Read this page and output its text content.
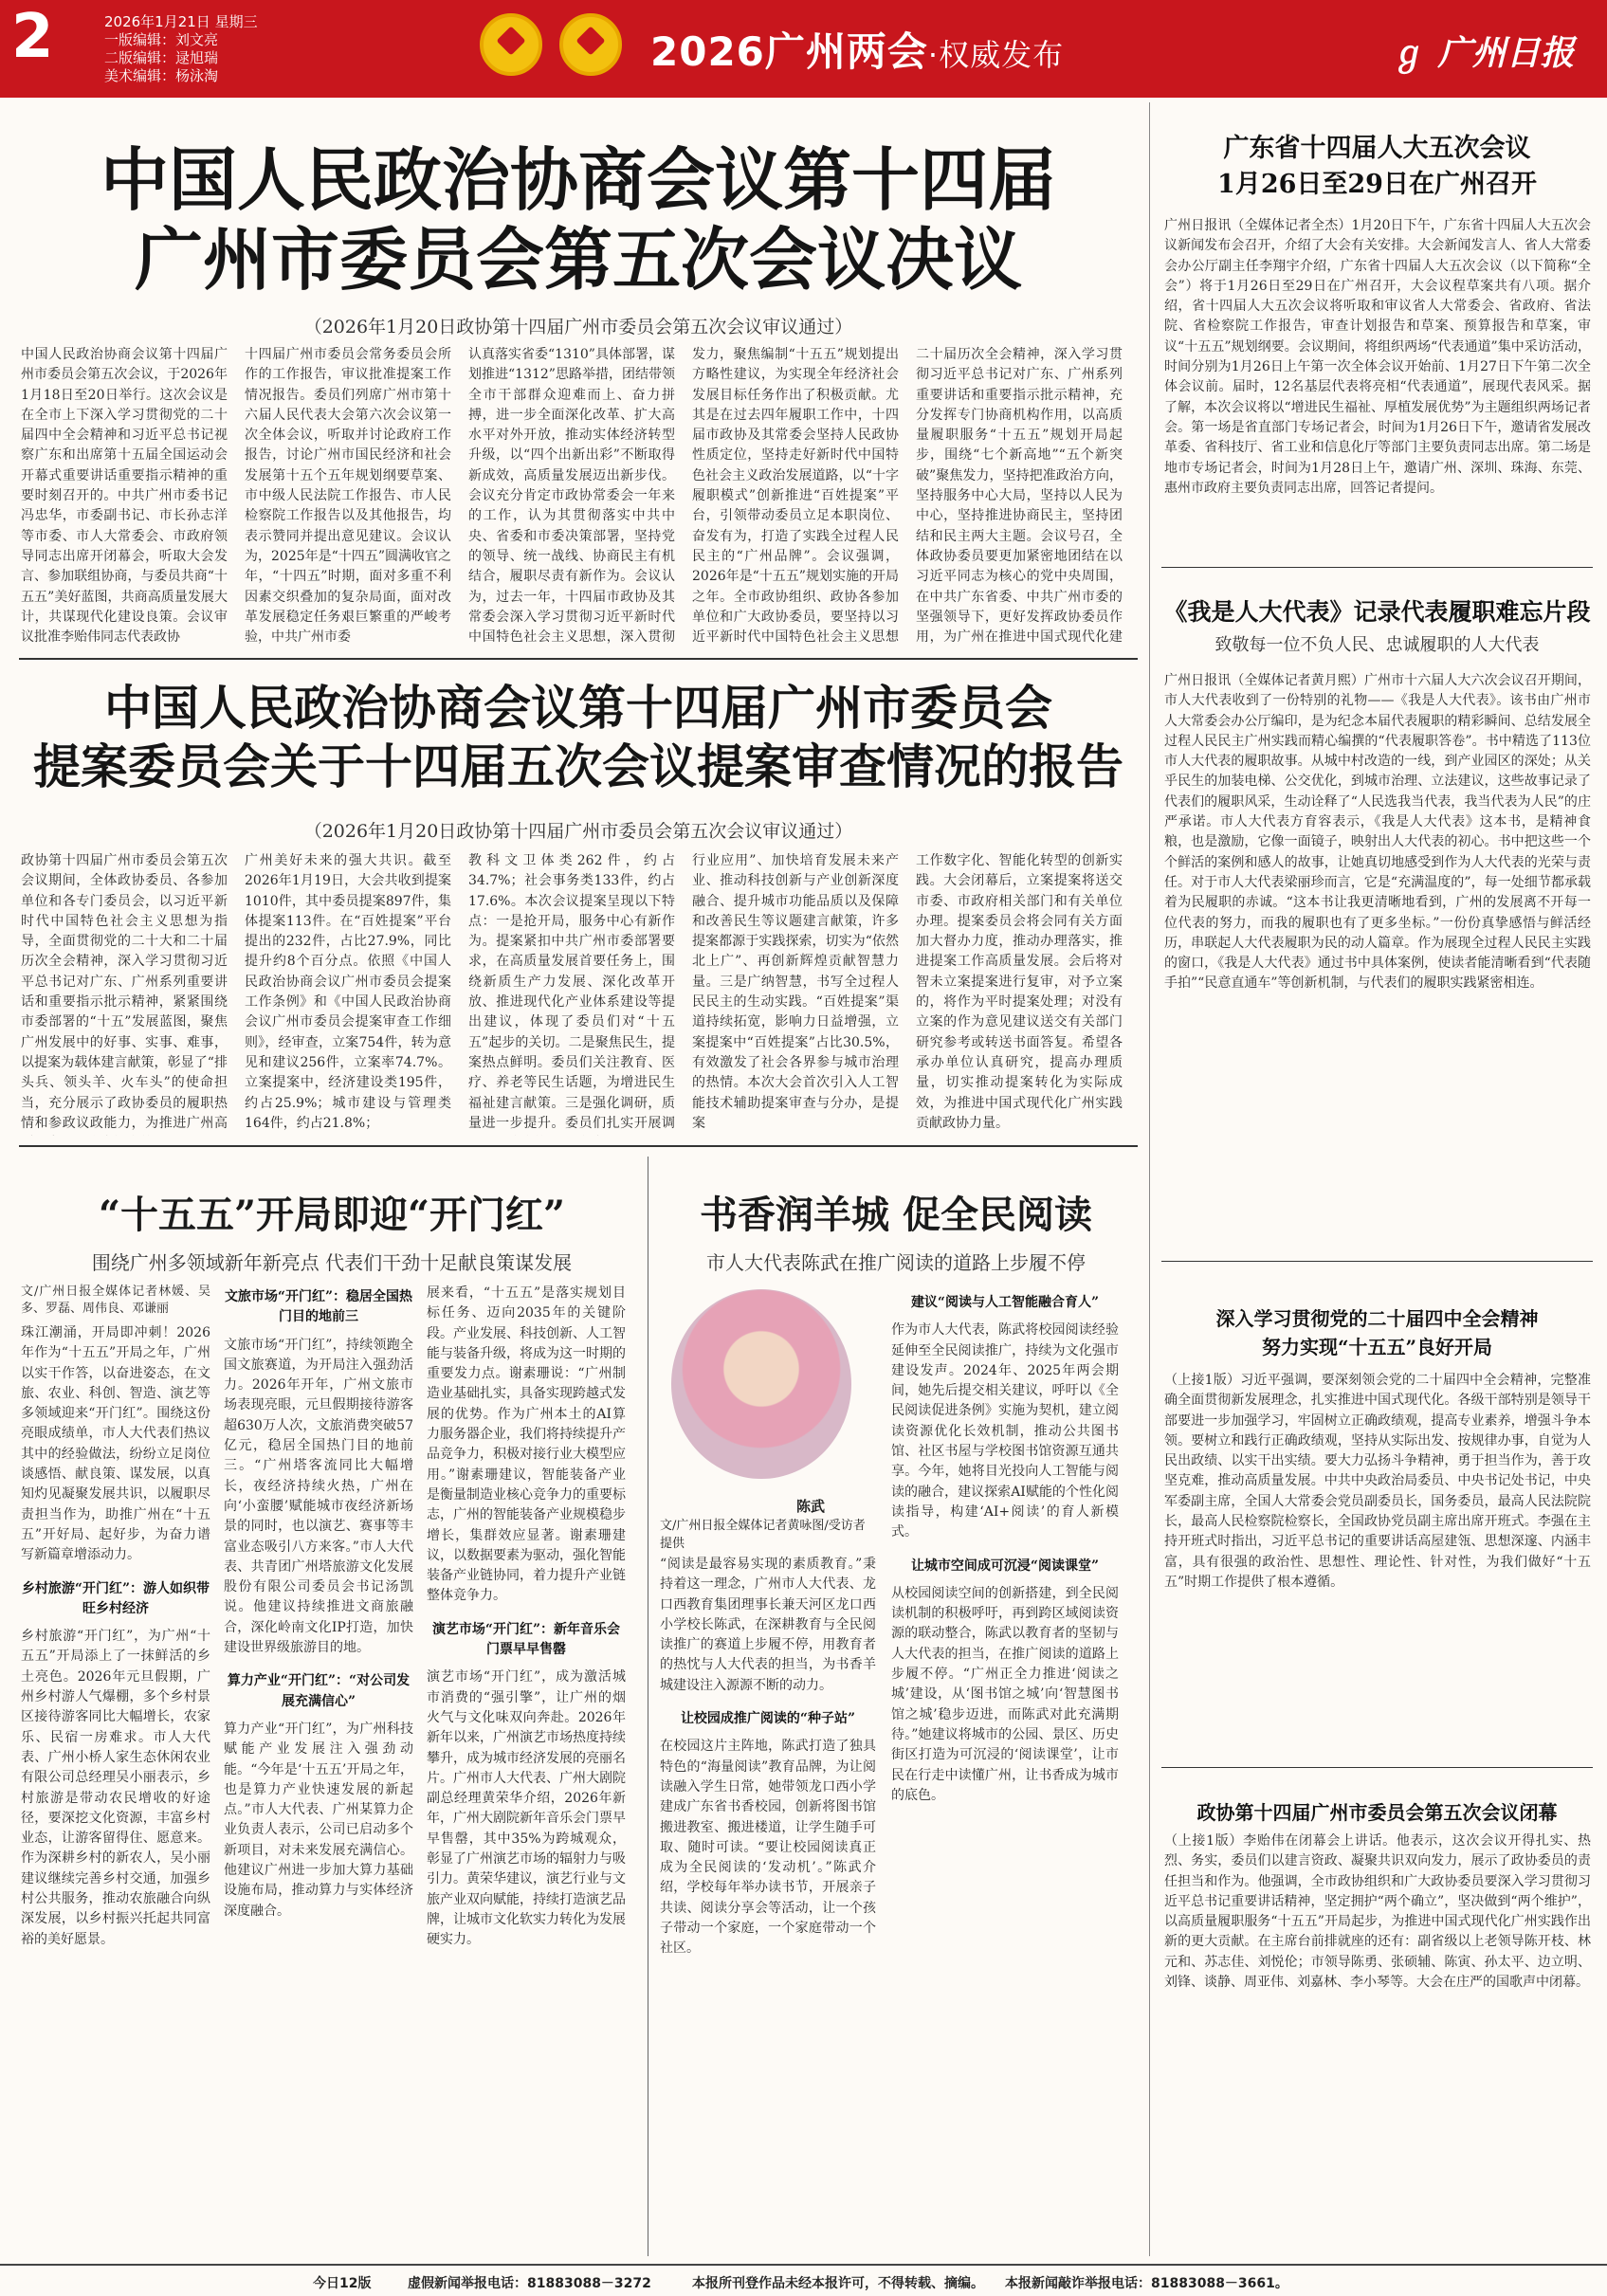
2	2026年1月21日 星期三
一版编辑：刘文亮
二版编辑：逯旭瑞
美术编辑：杨泳淘
2026广州两会·权威发布	ℊ 广州日报
中国人民政治协商会议第十四届
广州市委员会第五次会议决议
（2026年1月20日政协第十四届广州市委员会第五次会议审议通过）
中国人民政治协商会议第十四届广州市委员会第五次会议，于2026年1月18日至20日举行。这次会议是在全市上下深入学习贯彻党的二十届四中全会精神和习近平总书记视察广东和出席第十五届全国运动会开幕式重要讲话重要指示精神的重要时刻召开的。中共广州市委书记冯忠华，市委副书记、市长孙志洋等市委、市人大常委会、市政府领导同志出席开闭幕会，听取大会发言、参加联组协商，与委员共商“十五五”美好蓝图，共商高质量发展大计，共谋现代化建设良策。会议审议批准李贻伟同志代表政协
十四届广州市委员会常务委员会所作的工作报告，审议批准提案工作情况报告。委员们列席广州市第十六届人民代表大会第六次会议第一次全体会议，听取并讨论政府工作报告，讨论广州市国民经济和社会发展第十五个五年规划纲要草案、市中级人民法院工作报告、市人民检察院工作报告以及其他报告，均表示赞同并提出意见建议。会议认为，2025年是“十四五”圆满收官之年，“十四五”时期，面对多重不利因素交织叠加的复杂局面，面对改革发展稳定任务艰巨繁重的严峻考验，中共广州市委
认真落实省委“1310”具体部署，谋划推进“1312”思路举措，团结带领全市干部群众迎难而上、奋力拼搏，进一步全面深化改革、扩大高水平对外开放，推动实体经济转型升级，以“四个出新出彩”不断取得新成效，高质量发展迈出新步伐。会议充分肯定市政协常委会一年来的工作，认为其贯彻落实中共中央、省委和市委决策部署，坚持党的领导、统一战线、协商民主有机结合，履职尽责有新作为。会议认为，过去一年，十四届市政协及其常委会深入学习贯彻习近平新时代中国特色社会主义思想，深入贯彻
发力，聚焦编制“十五五”规划提出方略性建议，为实现全年经济社会发展目标任务作出了积极贡献。尤其是在过去四年履职工作中，十四届市政协及其常委会坚持人民政协性质定位，坚持走好新时代中国特色社会主义政治发展道路，以“十字履职模式”创新推进“百姓提案”平台，引领带动委员立足本职岗位、奋发有为，打造了实践全过程人民民主的“广州品牌”。会议强调，2026年是“十五五”规划实施的开局之年。全市政协组织、政协各参加单位和广大政协委员，要坚持以习近平新时代中国特色社会主义思想
二十届历次全会精神，深入学习贯彻习近平总书记对广东、广州系列重要讲话和重要指示批示精神，充分发挥专门协商机构作用，以高质量履职服务“十五五”规划开局起步，围绕“七个新高地”“五个新突破”聚焦发力，坚持把准政治方向，坚持服务中心大局，坚持以人民为中心，坚持推进协商民主，坚持团结和民主两大主题。会议号召，全体政协委员要更加紧密地团结在以习近平同志为核心的党中央周围，在中共广东省委、中共广州市委的坚强领导下，更好发挥政协委员作用，为广州在推进中国式现代化建
中国人民政治协商会议第十四届广州市委员会
提案委员会关于十四届五次会议提案审查情况的报告
（2026年1月20日政协第十四届广州市委员会第五次会议审议通过）
政协第十四届广州市委员会第五次会议期间，全体政协委员、各参加单位和各专门委员会，以习近平新时代中国特色社会主义思想为指导，全面贯彻党的二十大和二十届历次全会精神，深入学习贯彻习近平总书记对广东、广州系列重要讲话和重要指示批示精神，紧紧围绕市委部署的“十五”发展蓝图，聚焦广州发展中的好事、实事、难事，以提案为载体建言献策，彰显了“排头兵、领头羊、火车头”的使命担当，充分展示了政协委员的履职热情和参政议政能力，为推进广州高
广州美好未来的强大共识。截至2026年1月19日，大会共收到提案1010件，其中委员提案897件，集体提案113件。在“百姓提案”平台提出的232件，占比27.9%，同比提升约8个百分点。依照《中国人民政治协商会议广州市委员会提案工作条例》和《中国人民政治协商会议广州市委员会提案审查工作细则》，经审查，立案754件，转为意见和建议256件，立案率74.7%。立案提案中，经济建设类195件，约占25.9%；城市建设与管理类164件，约占21.8%；
教科文卫体类262件，约占34.7%；社会事务类133件，约占17.6%。本次会议提案呈现以下特点：一是抢开局，服务中心有新作为。提案紧扣中共广州市委部署要求，在高质量发展首要任务上，围绕新质生产力发展、深化改革开放、推进现代化产业体系建设等提出建议，体现了委员们对“十五五”起步的关切。二是聚焦民生，提案热点鲜明。委员们关注教育、医疗、养老等民生话题，为增进民生福祉建言献策。三是强化调研，质量进一步提升。委员们扎实开展调
行业应用”、加快培育发展未来产业、推动科技创新与产业创新深度融合、提升城市功能品质以及保障和改善民生等议题建言献策，许多提案都源于实践探索，切实为“依然北上广”、再创新辉煌贡献智慧力量。三是广纳智慧，书写全过程人民民主的生动实践。“百姓提案”渠道持续拓宽，影响力日益增强，立案提案中“百姓提案”占比30.5%，有效激发了社会各界参与城市治理的热情。本次大会首次引入人工智能技术辅助提案审查与分办，是提案
工作数字化、智能化转型的创新实践。大会闭幕后，立案提案将送交市委、市政府相关部门和有关单位办理。提案委员会将会同有关方面加大督办力度，推动办理落实，推进提案工作高质量发展。会后将对智未立案提案进行复审，对予立案的，将作为平时提案处理；对没有立案的作为意见建议送交有关部门研究参考或转送书面答复。希望各承办单位认真研究，提高办理质量，切实推动提案转化为实际成效，为推进中国式现代化广州实践贡献政协力量。
“十五五”开局即迎“开门红”
围绕广州多领域新年新亮点 代表们干劲十足献良策谋发展
文/广州日报全媒体记者林媛、吴多、罗磊、周伟良、邓谦丽
珠江潮涌，开局即冲刺！2026年作为“十五五”开局之年，广州以实干作答，以奋进姿态，在文旅、农业、科创、智造、演艺等多领域迎来“开门红”。围绕这份亮眼成绩单，市人大代表们热议其中的经验做法，纷纷立足岗位谈感悟、献良策、谋发展，以真知灼见凝聚发展共识，以履职尽责担当作为，助推广州在“十五五”开好局、起好步，为奋力谱写新篇章增添动力。
乡村旅游“开门红”：游人如织带旺乡村经济
乡村旅游“开门红”，为广州“十五五”开局添上了一抹鲜活的乡土亮色。2026年元旦假期，广州乡村游人气爆棚，多个乡村景区接待游客同比大幅增长，农家乐、民宿一房难求。市人大代表、广州小桥人家生态休闲农业有限公司总经理吴小丽表示，乡村旅游是带动农民增收的好途径，要深挖文化资源，丰富乡村业态，让游客留得住、愿意来。作为深耕乡村的新农人，吴小丽建议继续完善乡村交通，加强乡村公共服务，推动农旅融合向纵深发展，以乡村振兴托起共同富裕的美好愿景。
文旅市场“开门红”：稳居全国热门目的地前三
文旅市场“开门红”，持续领跑全国文旅赛道，为开局注入强劲活力。2026年开年，广州文旅市场表现亮眼，元旦假期接待游客超630万人次，文旅消费突破57亿元，稳居全国热门目的地前三。“广州塔客流同比大幅增长，夜经济持续火热，广州在向‘小蛮腰’赋能城市夜经济新场景的同时，也以演艺、赛事等丰富业态吸引八方来客。”市人大代表、共青团广州塔旅游文化发展股份有限公司委员会书记汤凯说。他建议持续推进文商旅融合，深化岭南文化IP打造，加快建设世界级旅游目的地。
算力产业“开门红”：“对公司发展充满信心”
算力产业“开门红”，为广州科技赋能产业发展注入强劲动能。“今年是‘十五五’开局之年，也是算力产业快速发展的新起点。”市人大代表、广州某算力企业负责人表示，公司已启动多个新项目，对未来发展充满信心。他建议广州进一步加大算力基础设施布局，推动算力与实体经济深度融合。
展来看，“十五五”是落实规划目标任务、迈向2035年的关键阶段。产业发展、科技创新、人工智能与装备升级，将成为这一时期的重要发力点。谢素珊说：“广州制造业基础扎实，具备实现跨越式发展的优势。作为广州本土的AI算力服务器企业，我们将持续提升产品竞争力，积极对接行业大模型应用。”谢素珊建议，智能装备产业是衡量制造业核心竞争力的重要标志，广州的智能装备产业规模稳步增长，集群效应显著。谢素珊建议，以数据要素为驱动，强化智能装备产业链协同，着力提升产业链整体竞争力。
演艺市场“开门红”：新年音乐会门票早早售罄
演艺市场“开门红”，成为激活城市消费的“强引擎”，让广州的烟火气与文化味双向奔赴。2026年新年以来，广州演艺市场热度持续攀升，成为城市经济发展的亮丽名片。广州市人大代表、广州大剧院副总经理黄荣华介绍，2026年新年，广州大剧院新年音乐会门票早早售罄，其中35%为跨城观众，彰显了广州演艺市场的辐射力与吸引力。黄荣华建议，演艺行业与文旅产业双向赋能，持续打造演艺品牌，让城市文化软实力转化为发展硬实力。
书香润羊城 促全民阅读
市人大代表陈武在推广阅读的道路上步履不停
陈武
文/广州日报全媒体记者黄咏图/受访者提供
“阅读是最容易实现的素质教育。”秉持着这一理念，广州市人大代表、龙口西教育集团理事长兼天河区龙口西小学校长陈武，在深耕教育与全民阅读推广的赛道上步履不停，用教育者的热忱与人大代表的担当，为书香羊城建设注入源源不断的动力。
让校园成推广阅读的“种子站”
在校园这片主阵地，陈武打造了独具特色的“海量阅读”教育品牌，为让阅读融入学生日常，她带领龙口西小学建成广东省书香校园，创新将图书馆搬进教室、搬进楼道，让学生随手可取、随时可读。“要让校园阅读真正成为全民阅读的‘发动机’。”陈武介绍，学校每年举办读书节，开展亲子共读、阅读分享会等活动，让一个孩子带动一个家庭，一个家庭带动一个社区。
建议“阅读与人工智能融合育人”
作为市人大代表，陈武将校园阅读经验延伸至全民阅读推广，持续为文化强市建设发声。2024年、2025年两会期间，她先后提交相关建议，呼吁以《全民阅读促进条例》实施为契机，建立阅读资源优化长效机制，推动公共图书馆、社区书屋与学校图书馆资源互通共享。今年，她将目光投向人工智能与阅读的融合，建议探索AI赋能的个性化阅读指导，构建‘AI+阅读’的育人新模式。
让城市空间成可沉浸“阅读课堂”
从校园阅读空间的创新搭建，到全民阅读机制的积极呼吁，再到跨区域阅读资源的联动整合，陈武以教育者的坚韧与人大代表的担当，在推广阅读的道路上步履不停。“广州正全力推进‘阅读之城’建设，从‘图书馆之城’向‘智慧图书馆之城’稳步迈进，而陈武对此充满期待。”她建议将城市的公园、景区、历史街区打造为可沉浸的‘阅读课堂’，让市民在行走中读懂广州，让书香成为城市的底色。
广东省十四届人大五次会议
1月26日至29日在广州召开
广州日报讯（全媒体记者全杰）1月20日下午，广东省十四届人大五次会议新闻发布会召开，介绍了大会有关安排。大会新闻发言人、省人大常委会办公厅副主任李翔宇介绍，广东省十四届人大五次会议（以下简称“全会”）将于1月26日至29日在广州召开，大会议程草案共有八项。据介绍，省十四届人大五次会议将听取和审议省人大常委会、省政府、省法院、省检察院工作报告，审查计划报告和草案、预算报告和草案，审议“十五五”规划纲要。会议期间，将组织两场“代表通道”集中采访活动，时间分别为1月26日上午第一次全体会议开始前、1月27日下午第二次全体会议前。届时，12名基层代表将亮相“代表通道”，展现代表风采。据了解，本次会议将以“增进民生福祉、厚植发展优势”为主题组织两场记者会。第一场是省直部门专场记者会，时间为1月26日下午，邀请省发展改革委、省科技厅、省工业和信息化厅等部门主要负责同志出席。第二场是地市专场记者会，时间为1月28日上午，邀请广州、深圳、珠海、东莞、惠州市政府主要负责同志出席，回答记者提问。
《我是人大代表》记录代表履职难忘片段
致敬每一位不负人民、忠诚履职的人大代表
广州日报讯（全媒体记者黄月熙）广州市十六届人大六次会议召开期间，市人大代表收到了一份特别的礼物——《我是人大代表》。该书由广州市人大常委会办公厅编印，是为纪念本届代表履职的精彩瞬间、总结发展全过程人民民主广州实践而精心编撰的“代表履职答卷”。书中精选了113位市人大代表的履职故事。从城中村改造的一线，到产业园区的深处；从关乎民生的加装电梯、公交优化，到城市治理、立法建议，这些故事记录了代表们的履职风采，生动诠释了“人民选我当代表，我当代表为人民”的庄严承诺。市人大代表方育容表示，《我是人大代表》这本书，是精神食粮，也是激励，它像一面镜子，映射出人大代表的初心。书中把这些一个个鲜活的案例和感人的故事，让她真切地感受到作为人大代表的光荣与责任。对于市人大代表梁丽珍而言，它是“充满温度的”，每一处细节都承载着为民履职的赤诚。“这本书让我更清晰地看到，广州的发展离不开每一位代表的努力，而我的履职也有了更多坐标。”一份份真挚感悟与鲜活经历，串联起人大代表履职为民的动人篇章。作为展现全过程人民民主实践的窗口，《我是人大代表》通过书中具体案例，使读者能清晰看到“代表随手拍”“民意直通车”等创新机制，与代表们的履职实践紧密相连。
深入学习贯彻党的二十届四中全会精神
努力实现“十五五”良好开局
（上接1版）习近平强调，要深刻领会党的二十届四中全会精神，完整准确全面贯彻新发展理念，扎实推进中国式现代化。各级干部特别是领导干部要进一步加强学习，牢固树立正确政绩观，提高专业素养，增强斗争本领。要树立和践行正确政绩观，坚持从实际出发、按规律办事，自觉为人民出政绩、以实干出实绩。要大力弘扬斗争精神，勇于担当作为，善于攻坚克难，推动高质量发展。中共中央政治局委员、中央书记处书记，中央军委副主席，全国人大常委会党员副委员长，国务委员，最高人民法院院长，最高人民检察院检察长，全国政协党员副主席出席开班式。李强在主持开班式时指出，习近平总书记的重要讲话高屋建瓴、思想深邃、内涵丰富，具有很强的政治性、思想性、理论性、针对性，为我们做好“十五五”时期工作提供了根本遵循。
政协第十四届广州市委员会第五次会议闭幕
（上接1版）李贻伟在闭幕会上讲话。他表示，这次会议开得扎实、热烈、务实，委员们以建言资政、凝聚共识双向发力，展示了政协委员的责任担当和作为。他强调，全市政协组织和广大政协委员要深入学习贯彻习近平总书记重要讲话精神，坚定拥护“两个确立”，坚决做到“两个维护”，以高质量履职服务“十五五”开局起步，为推进中国式现代化广州实践作出新的更大贡献。在主席台前排就座的还有：副省级以上老领导陈开枝、林元和、苏志佳、刘悦伦；市领导陈勇、张硕辅、陈寅、孙太平、边立明、刘锋、谈静、周亚伟、刘嘉林、李小琴等。大会在庄严的国歌声中闭幕。
今日12版	虚假新闻举报电话：81883088－3272	本报所刊登作品未经本报许可，不得转载、摘编。 本报新闻敲诈举报电话：81883088－3661。
